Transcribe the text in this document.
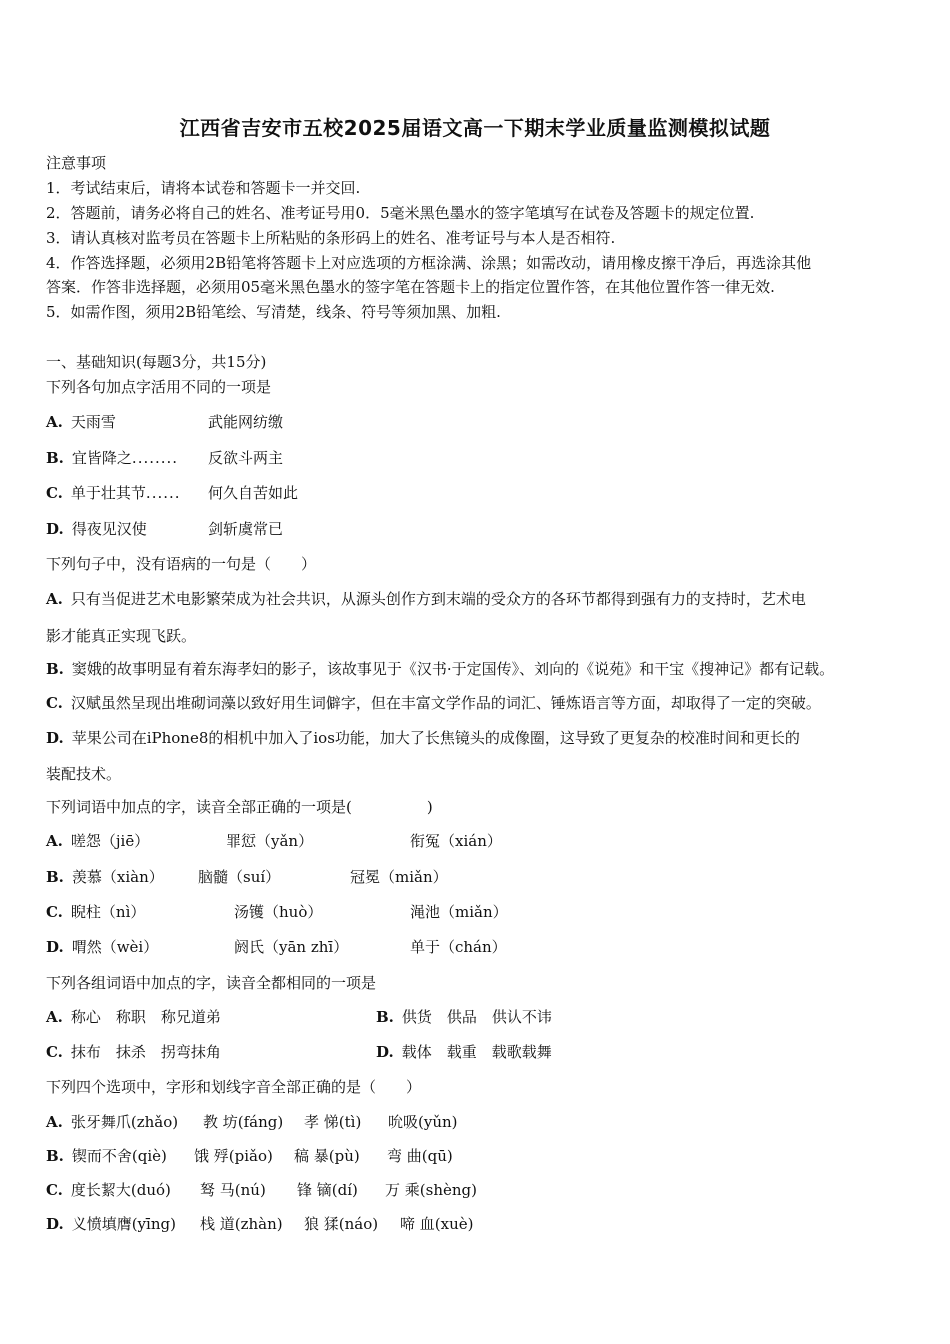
江西省吉安市五校2025届语文高一下期末学业质量监测模拟试题
注意事项
1．考试结束后，请将本试卷和答题卡一并交回.
2．答题前，请务必将自己的姓名、准考证号用0．5毫米黑色墨水的签字笔填写在试卷及答题卡的规定位置.
3．请认真核对监考员在答题卡上所粘贴的条形码上的姓名、准考证号与本人是否相符.
4．作答选择题，必须用2B铅笔将答题卡上对应选项的方框涂满、涂黑；如需改动，请用橡皮擦干净后，再选涂其他
答案．作答非选择题，必须用05毫米黑色墨水的签字笔在答题卡上的指定位置作答，在其他位置作答一律无效.
5．如需作图，须用2B铅笔绘、写清楚，线条、符号等须加黑、加粗.
一、基础知识(每题3分，共15分)
下列各句加点字活用不同的一项是
A. 天雨雪	武能网纺缴
B. 宜皆降之........ 反欲斗两主
C. 单于壮其节...... 何久自苦如此
D. 得夜见汉使	剑斩虞常已
下列句子中，没有语病的一句是（　　）
A. 只有当促进艺术电影繁荣成为社会共识，从源头创作方到末端的受众方的各环节都得到强有力的支持时，艺术电
影才能真正实现飞跃。
B. 窦娥的故事明显有着东海孝妇的影子，该故事见于《汉书·于定国传》、刘向的《说苑》和干宝《搜神记》都有记载。
C. 汉赋虽然呈现出堆砌词藻以致好用生词僻字，但在丰富文学作品的词汇、锤炼语言等方面，却取得了一定的突破。
D. 苹果公司在iPhone8的相机中加入了ios功能，加大了长焦镜头的成像圈，这导致了更复杂的校准时间和更长的
装配技术。
下列词语中加点的字，读音全部正确的一项是(　　　　　)
A. 嗟怨（jiē）	罪愆（yǎn）	衔冤（xián）
B. 羡慕（xiàn） 脑髓（suí）	冠冕（miǎn）
C. 睨柱（nì）	汤镬（huò）	渑池（miǎn）
D. 喟然（wèi）	阏氏（yān zhī）	单于（chán）
下列各组词语中加点的字，读音全都相同的一项是
A. 称心　称职　称兄道弟	B. 供货　供品　供认不讳
C. 抹布　抹杀　拐弯抹角	D. 载体　载重　载歌载舞
下列四个选项中，字形和划线字音全部正确的是（　　）
A. 张牙舞爪(zhǎo) 教 坊(fáng) 孝 悌(tì) 吮吸(yǔn)
B. 锲而不舍(qiè) 饿 殍(piǎo) 稿 暴(pù) 弯 曲(qū)
C. 度长絜大(duó) 驽 马(nú) 锋 镝(dí) 万 乘(shèng)
D. 义愤填膺(yīng) 栈 道(zhàn) 狼 猱(náo) 啼 血(xuè)
